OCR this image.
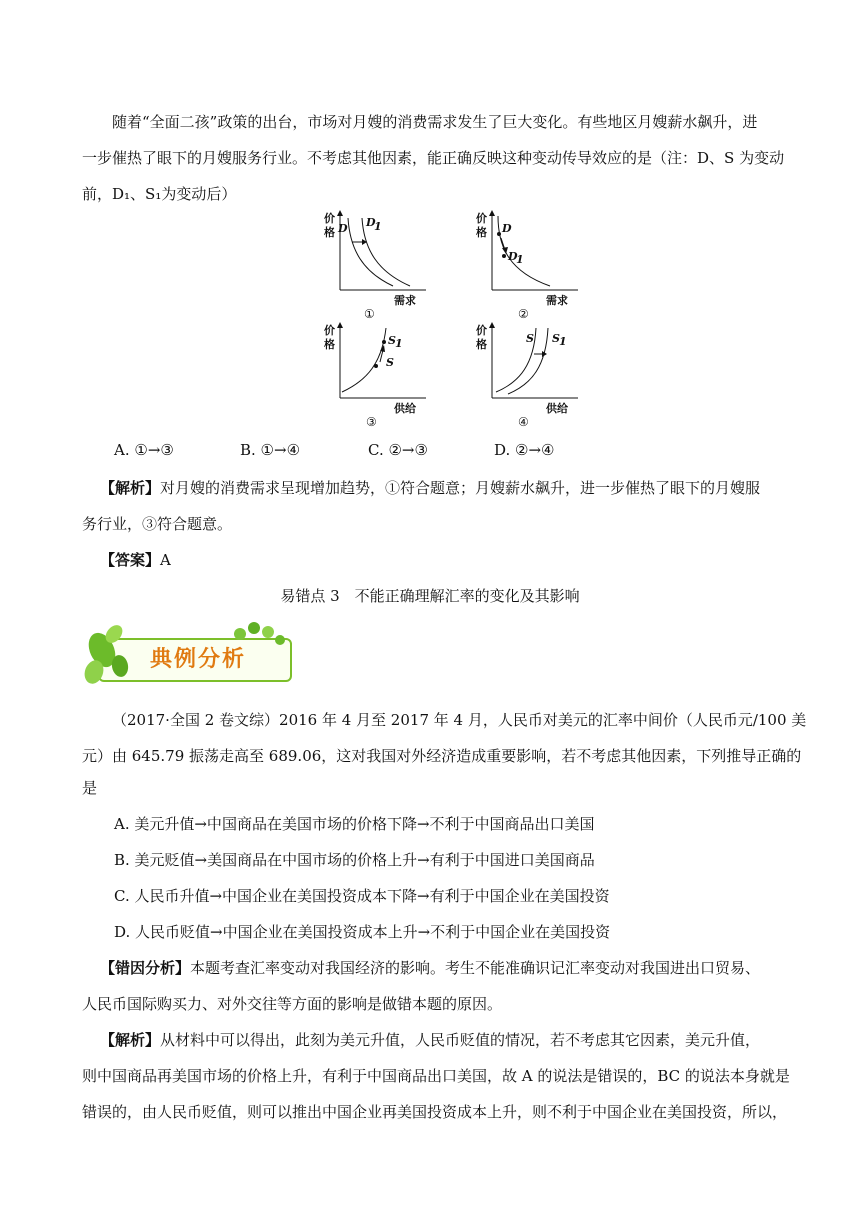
随着“全面二孩”政策的出台，市场对月嫂的消费需求发生了巨大变化。有些地区月嫂薪水飙升，进
一步催热了眼下的月嫂服务行业。不考虑其他因素，能正确反映这种变动传导效应的是（注：D、S 为变动
前，D₁、S₁为变动后）
价
格 D D
1
需求
①
价
格 D
D
1
需求
②
价
格	S 1
S
供给
③
价
格	S S 1
供给
④
A. ①→③	B. ①→④	C. ②→③	D. ②→④
【解析】对月嫂的消费需求呈现增加趋势，①符合题意；月嫂薪水飙升，进一步催热了眼下的月嫂服
务行业，③符合题意。
【答案】A
易错点 3　不能正确理解汇率的变化及其影响
典例分析
（2017·全国 2 卷文综）2016 年 4 月至 2017 年 4 月，人民币对美元的汇率中间价（人民币元/100 美
元）由 645.79 振荡走高至 689.06，这对我国对外经济造成重要影响，若不考虑其他因素，下列推导正确的
是
A. 美元升值→中国商品在美国市场的价格下降→不利于中国商品出口美国
B. 美元贬值→美国商品在中国市场的价格上升→有利于中国进口美国商品
C. 人民币升值→中国企业在美国投资成本下降→有利于中国企业在美国投资
D. 人民币贬值→中国企业在美国投资成本上升→不利于中国企业在美国投资
【错因分析】本题考查汇率变动对我国经济的影响。考生不能准确识记汇率变动对我国进出口贸易、
人民币国际购买力、对外交往等方面的影响是做错本题的原因。
【解析】从材料中可以得出，此刻为美元升值，人民币贬值的情况，若不考虑其它因素，美元升值，
则中国商品再美国市场的价格上升，有利于中国商品出口美国，故 A 的说法是错误的，BC 的说法本身就是
错误的，由人民币贬值，则可以推出中国企业再美国投资成本上升，则不利于中国企业在美国投资，所以，
